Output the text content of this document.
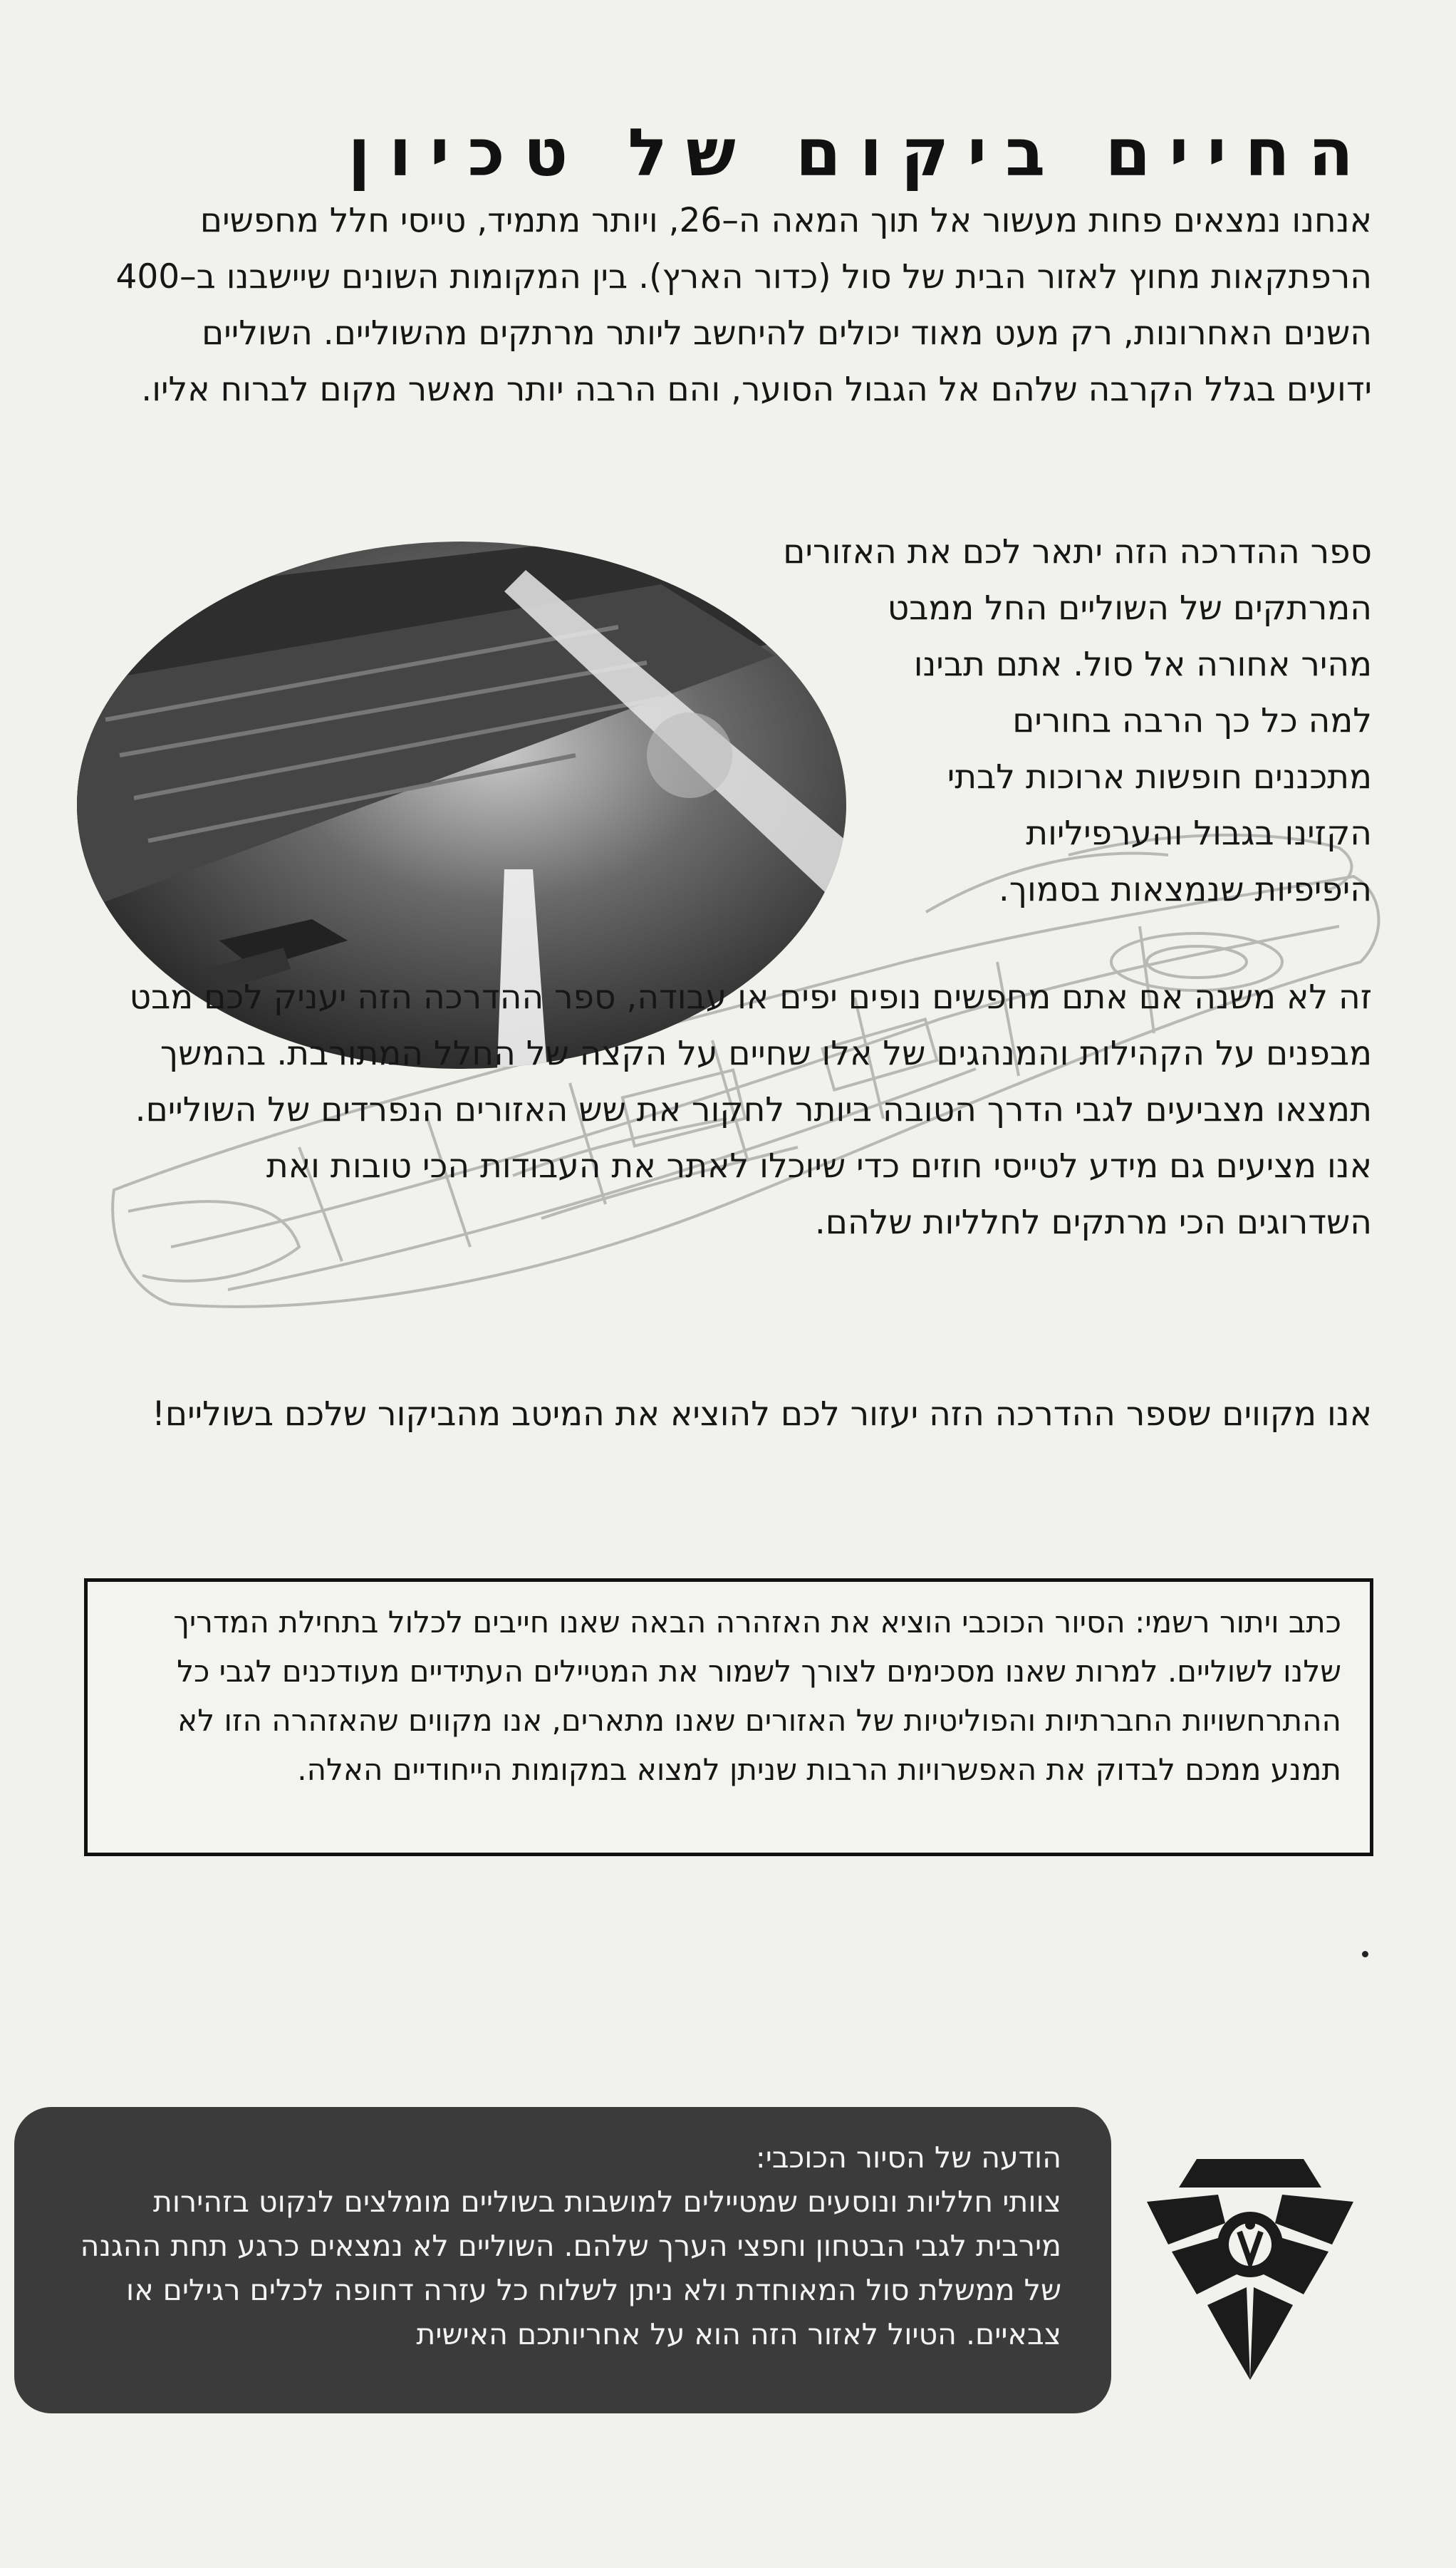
החיים ביקום של טכיון

אנחנו נמצאים פחות מעשור אל תוך המאה ה–26, ויותר מתמיד, טייסי חלל מחפשים הרפתקאות מחוץ לאזור הבית של סול (כדור הארץ). בין המקומות השונים שיישבנו ב–400 השנים האחרונות, רק מעט מאוד יכולים להיחשב ליותר מרתקים מהשוליים. השוליים ידועים בגלל הקרבה שלהם אל הגבול הסוער, והם הרבה יותר מאשר מקום לברוח אליו.

ספר ההדרכה הזה יתאר לכם את האזורים
המרתקים של השוליים החל ממבט
מהיר אחורה אל סול. אתם תבינו
למה כל כך הרבה בחורים
מתכננים חופשות ארוכות לבתי
הקזינו בגבול והערפיליות
היפיפיות שנמצאות בסמוך.

זה לא משנה אם אתם מחפשים נופים יפים או עבודה, ספר ההדרכה הזה יעניק לכם מבט מבפנים על הקהילות והמנהגים של אלו שחיים על הקצה של החלל המתורבת. בהמשך תמצאו מצביעים לגבי הדרך הטובה ביותר לחקור את שש האזורים הנפרדים של השוליים. אנו מציעים גם מידע לטייסי חוזים כדי שיוכלו לאתר את העבודות הכי טובות ואת השדרוגים הכי מרתקים לחלליות שלהם.

אנו מקווים שספר ההדרכה הזה יעזור לכם להוציא את המיטב מהביקור שלכם בשוליים!
כתב ויתור רשמי: הסיור הכוכבי הוציא את האזהרה הבאה שאנו חייבים לכלול בתחילת המדריך שלנו לשוליים. למרות שאנו מסכימים לצורך לשמור את המטיילים העתידיים מעודכנים לגבי כל ההתרחשויות החברתיות והפוליטיות של האזורים שאנו מתארים, אנו מקווים שהאזהרה הזו לא תמנע ממכם לבדוק את האפשרויות הרבות שניתן למצוא במקומות הייחודיים האלה.
הודעה של הסיור הכוכבי:
צוותי חלליות ונוסעים שמטיילים למושבות בשוליים מומלצים לנקוט בזהירות מירבית לגבי הבטחון וחפצי הערך שלהם. השוליים לא נמצאים כרגע תחת ההגנה של ממשלת סול המאוחדת ולא ניתן לשלוח כל עזרה דחופה לכלים רגילים או צבאיים. הטיול לאזור הזה הוא על אחריותכם האישית
